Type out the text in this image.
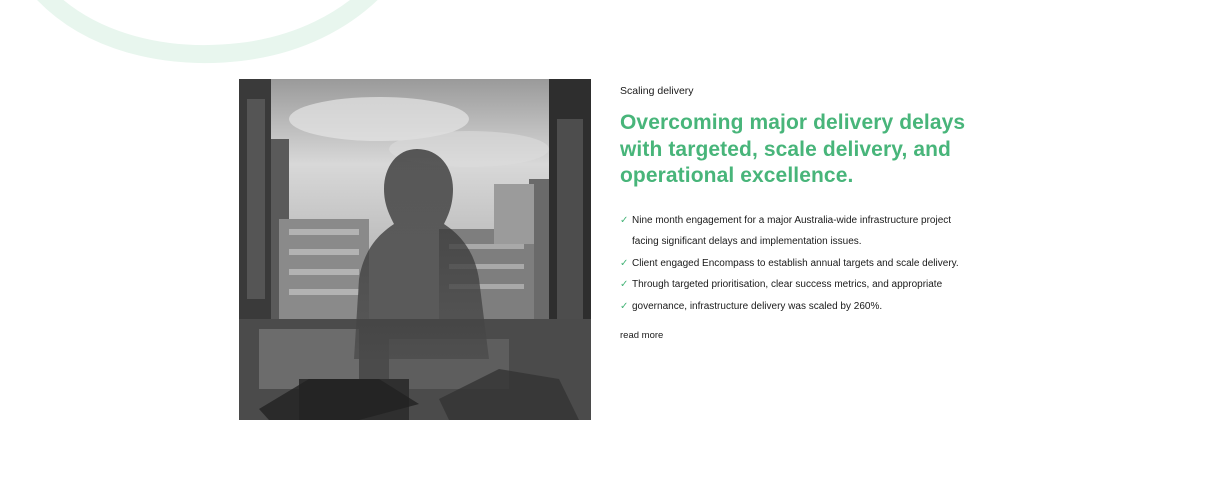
Scaling delivery

Overcoming major delivery delays with targeted, scale delivery, and operational excellence.
✓ Nine month engagement for a major Australia-wide infrastructure project facing significant delays and implementation issues.
✓ Client engaged Encompass to establish annual targets and scale delivery.
✓ Through targeted prioritisation, clear success metrics, and appropriate
✓ governance, infrastructure delivery was scaled by 260%.
read more
